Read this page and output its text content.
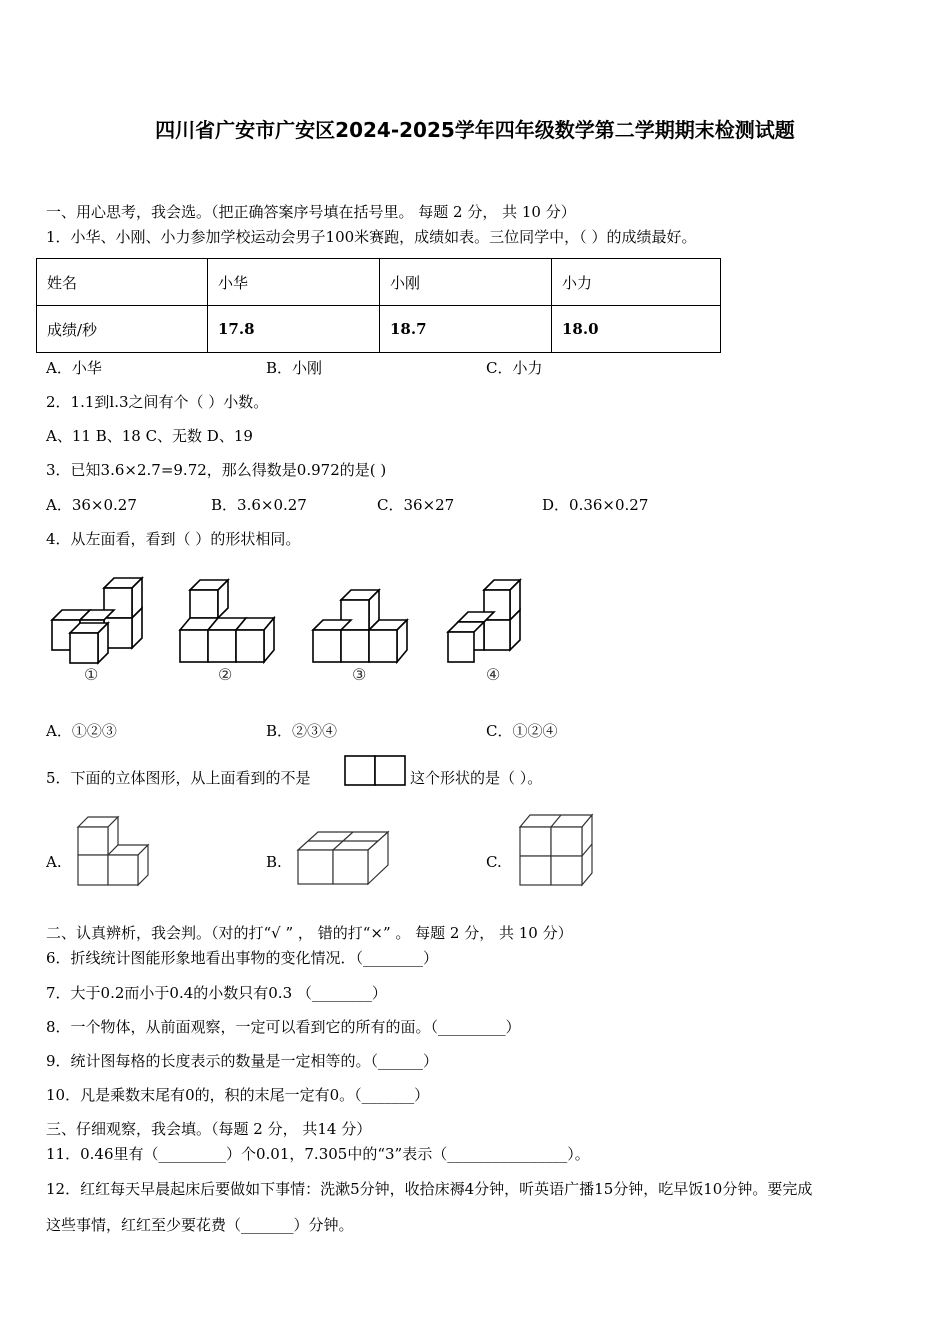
四川省广安市广安区2024-2025学年四年级数学第二学期期末检测试题
一、用心思考，我会选。（把正确答案序号填在括号里。 每题 2 分， 共 10 分）
1．小华、小刚、小力参加学校运动会男子100米赛跑，成绩如表。三位同学中，（ ）的成绩最好。
姓名	小华	小刚	小力
成绩/秒	17.8	18.7	18.0
A．小华	B．小刚	C．小力
2．1.1到l.3之间有个（ ）小数。
A、11 B、18 C、无数 D、19
3．已知3.6×2.7=9.72，那么得数是0.972的是( )
A．36×0.27	B．3.6×0.27	C．36×27	D．0.36×0.27
4．从左面看，看到（ ）的形状相同。
①	②	③	④
A．①②③	B．②③④	C．①②④
5．下面的立体图形，从上面看到的不是	这个形状的是（ ）。
A.	B.	C.
二、认真辨析，我会判。（对的打“√ ” ， 错的打“×” 。 每题 2 分， 共 10 分）
6．折线统计图能形象地看出事物的变化情况．（________）
7．大于0.2而小于0.4的小数只有0.3 （________）
8．一个物体，从前面观察，一定可以看到它的所有的面。（_________）
9．统计图每格的长度表示的数量是一定相等的。（______）
10．凡是乘数末尾有0的，积的末尾一定有0。（_______）
三、仔细观察，我会填。（每题 2 分， 共14 分）
11．0.46里有（_________）个0.01，7.305中的“3”表示（________________）。
12．红红每天早晨起床后要做如下事情：洗漱5分钟，收拾床褥4分钟，听英语广播15分钟，吃早饭10分钟。要完成
这些事情，红红至少要花费（_______）分钟。
